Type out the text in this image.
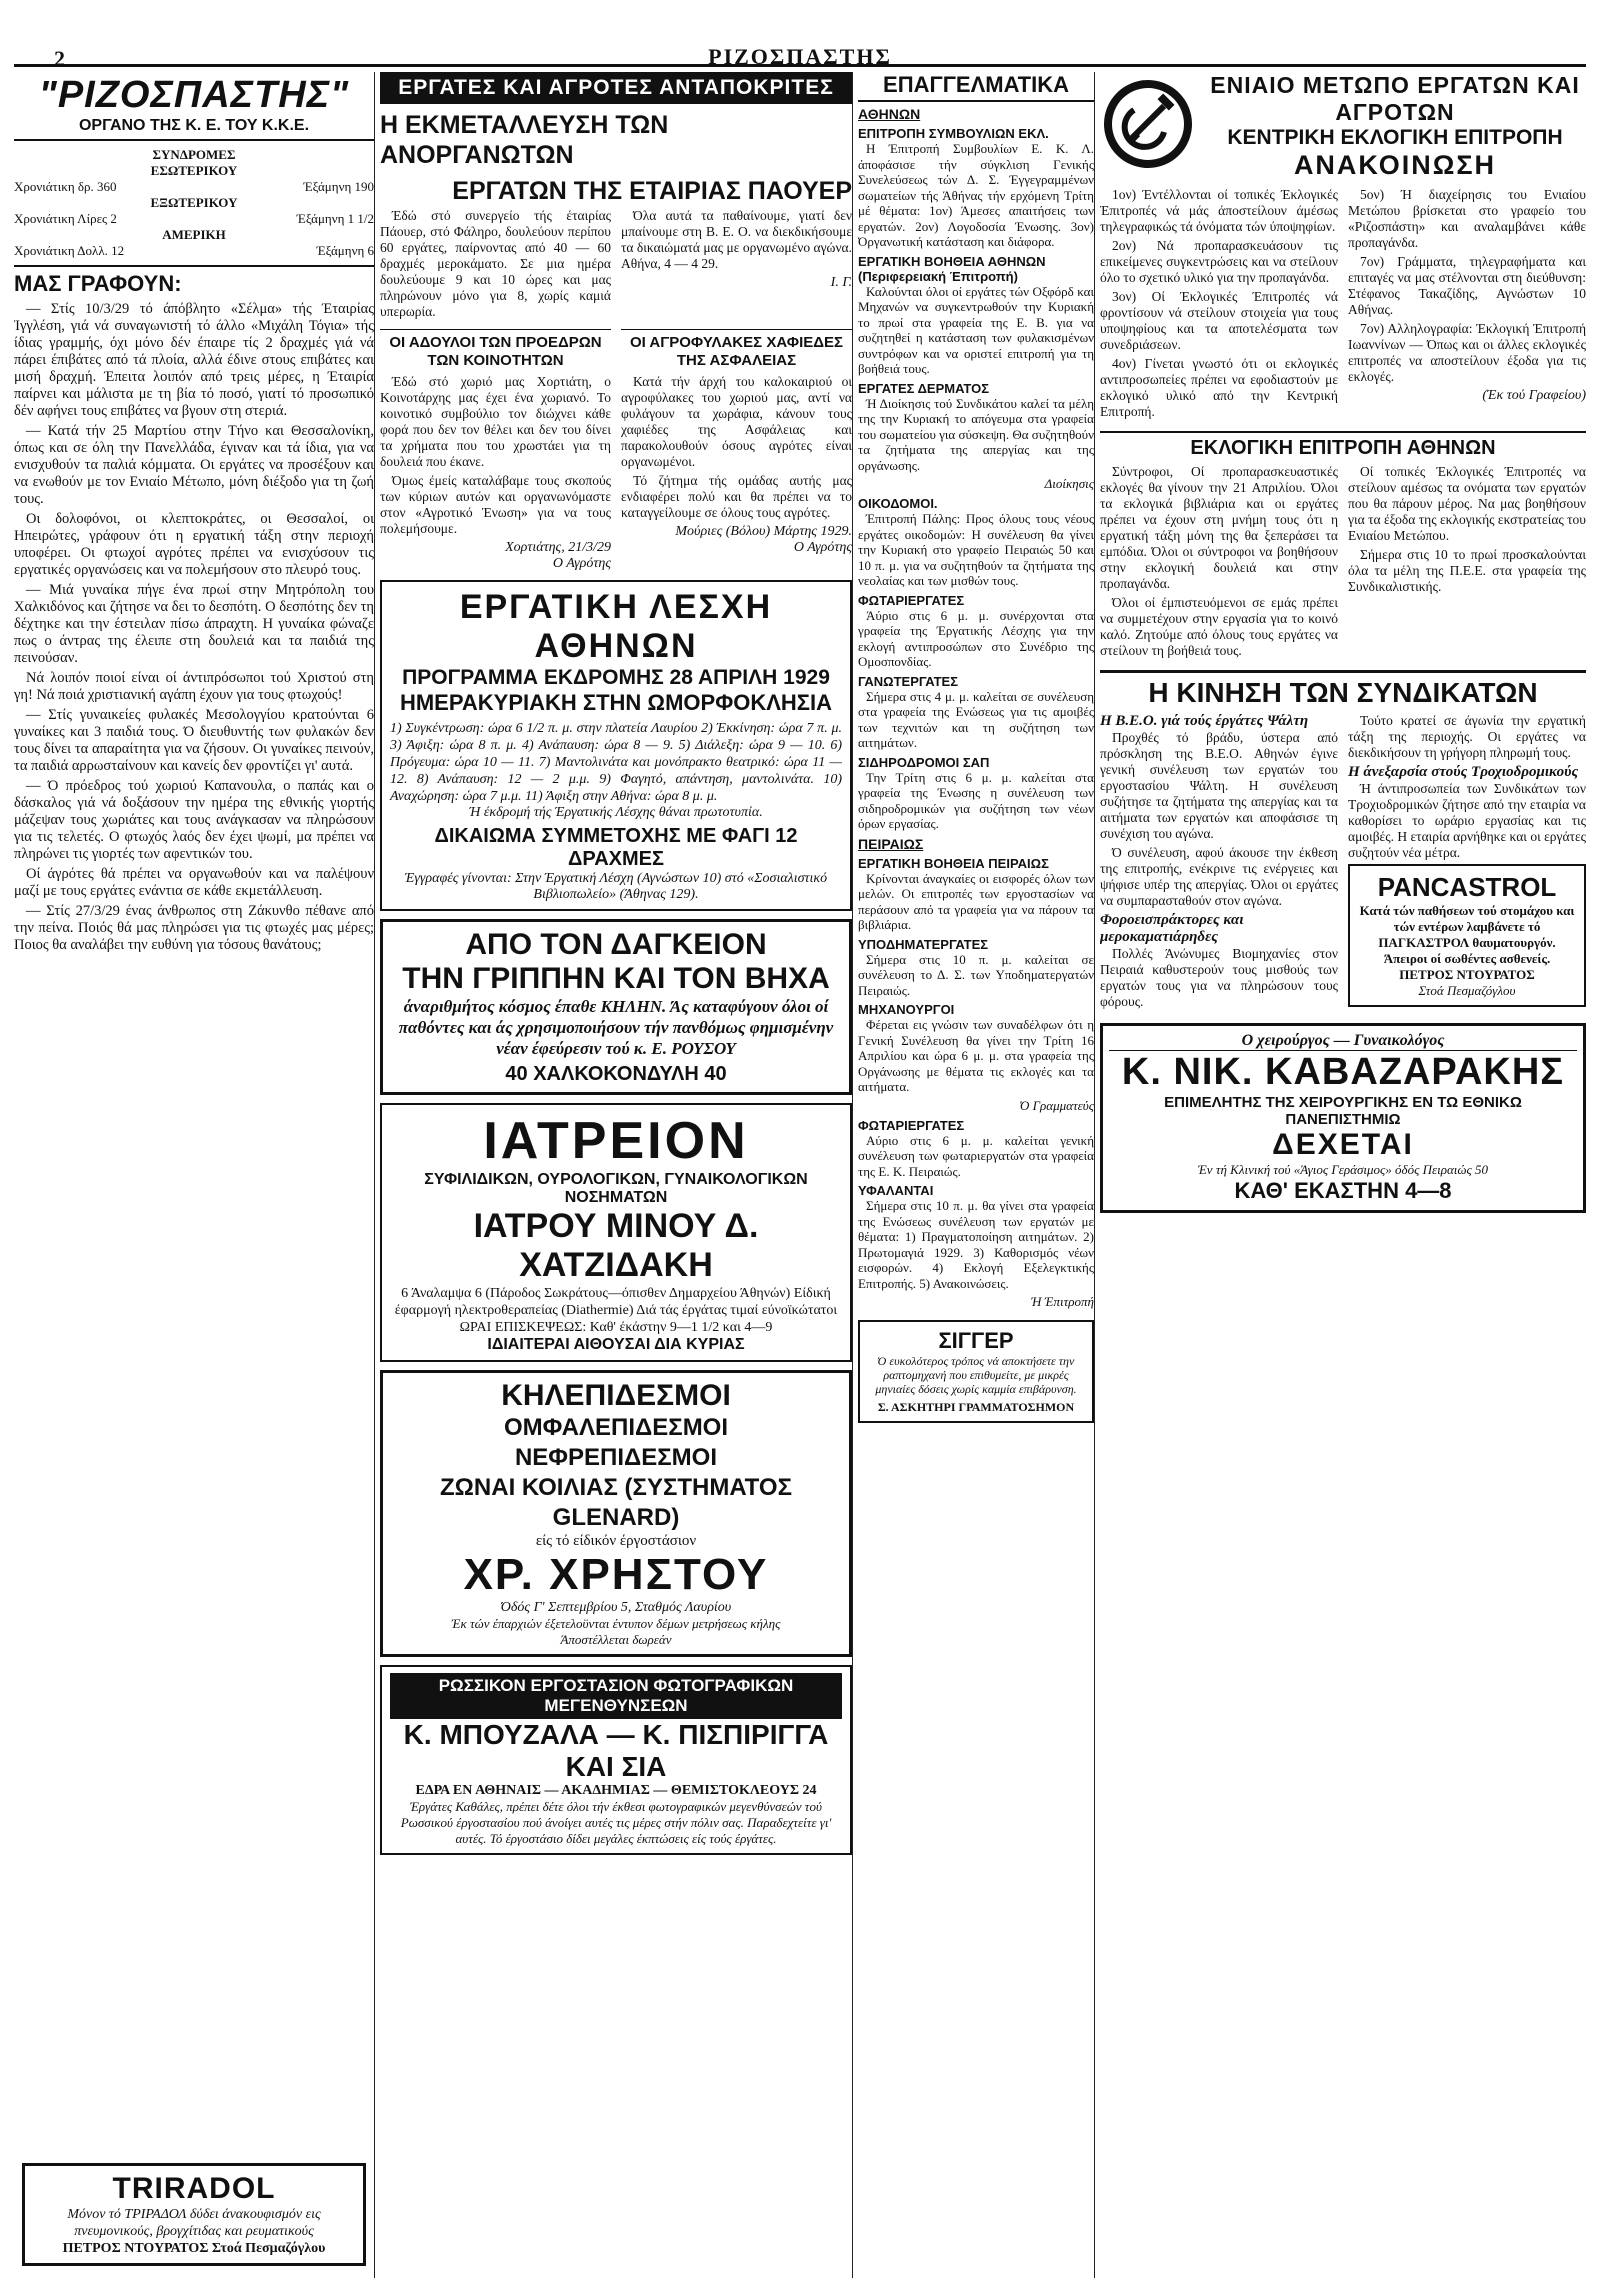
2	ΡΙΖΟΣΠΑΣΤΗΣ
"ΡΙΖΟΣΠΑΣΤΗΣ"
ΟΡΓΑΝΟ ΤΗΣ Κ. Ε. ΤΟΥ Κ.Κ.Ε.
ΣΥΝΔΡΟΜΕΣ
ΕΣΩΤΕΡΙΚΟΥ
Χρονιάτικη δρ. 360	Έξάμηνη 190
ΕΞΩΤΕΡΙΚΟΥ
Χρονιάτικη Λίρες 2	Έξάμηνη 1 1/2
ΑΜΕΡΙΚΗ
Χρονιάτικη Δολλ. 12	Έξάμηνη 6
ΜΑΣ ΓΡΑΦΟΥΝ:

— Στίς 10/3/29 τό άπόβλητο «Σέλμα» τής Έταιρίας Ίγγλέση, γιά νά συναγωνιστή τό άλλο «Μιχάλη Τόγια» τής ίδιας γραμμής, όχι μόνο δέν έπαιρε τίς 2 δραχμές γιά νά πάρει έπιβάτες από τά πλοία, αλλά έδινε στους επιβάτες και μισή δραχμή. Έπειτα λοιπόν από τρεις μέρες, η Έταιρία παίρνει και μάλιστα με τη βία τό ποσό, γιατί τό προσωπικό δέν αφήνει τους επιβάτες να βγουν στη στεριά.

— Κατά τήν 25 Μαρτίου στην Τήνο και Θεσσαλονίκη, όπως και σε όλη την Πανελλάδα, έγιναν και τά ίδια, για να ενισχυθούν τα παλιά κόμματα. Οι εργάτες να προσέξουν και να ενωθούν με τον Ενιαίο Μέτωπο, μόνη διέξοδο για τη ζωή τους.

Οι δολοφόνοι, οι κλεπτοκράτες, οι Θεσσαλοί, οι Ηπειρώτες, γράφουν ότι η εργατική τάξη στην περιοχή υποφέρει. Οι φτωχοί αγρότες πρέπει να ενισχύσουν τις εργατικές οργανώσεις και να πολεμήσουν στο πλευρό τους.

— Μιά γυναίκα πήγε ένα πρωί στην Μητρόπολη του Χαλκιδόνος και ζήτησε να δει το δεσπότη. Ο δεσπότης δεν τη δέχτηκε και την έστειλαν πίσω άπραχτη. Η γυναίκα φώναζε πως ο άντρας της έλειπε στη δουλειά και τα παιδιά της πεινούσαν.

Νά λοιπόν ποιοί είναι οί άντιπρόσωποι τού Χριστού στη γη! Νά ποιά χριστιανική αγάπη έχουν για τους φτωχούς!

— Στίς γυναικείες φυλακές Μεσολογγίου κρατούνται 6 γυναίκες και 3 παιδιά τους. Ό διευθυντής των φυλακών δεν τους δίνει τα απαραίτητα για να ζήσουν. Οι γυναίκες πεινούν, τα παιδιά αρρωσταίνουν και κανείς δεν φροντίζει γι' αυτά.

— Ό πρόεδρος τού χωριού Καπανουλα, ο παπάς και ο δάσκαλος γιά νά δοξάσουν την ημέρα της εθνικής γιορτής μάζεψαν τους χωριάτες και τους ανάγκασαν να πληρώσουν για τις τελετές. Ο φτωχός λαός δεν έχει ψωμί, μα πρέπει να πληρώνει τις γιορτές των αφεντικών του.

Οί άγρότες θά πρέπει να οργανωθούν και να παλέψουν μαζί με τους εργάτες ενάντια σε κάθε εκμετάλλευση.

— Στίς 27/3/29 ένας άνθρωπος στη Ζάκυνθο πέθανε από την πείνα. Ποιός θά μας πληρώσει για τις φτωχές μας μέρες; Ποιος θα αναλάβει την ευθύνη για τόσους θανάτους;

TRIRADOL
Μόνον τό ΤΡΙΡΑΔΟΛ δύδει άνακουφισμόν εις πνευμονικούς, βρογχίτιδας και ρευματικούς
ΠΕΤΡΟΣ ΝΤΟΥΡΑΤΟΣ Στοά Πεσμαζόγλου
ΕΡΓΑΤΕΣ ΚΑΙ ΑΓΡΟΤΕΣ ΑΝΤΑΠΟΚΡΙΤΕΣ
Η ΕΚΜΕΤΑΛΛΕΥΣΗ ΤΩΝ ΑΝΟΡΓΑΝΩΤΩΝ
ΕΡΓΑΤΩΝ ΤΗΣ ΕΤΑΙΡΙΑΣ ΠΑΟΥΕΡ

Έδώ στό συνεργείο τής έταιρίας Πάουερ, στό Φάληρο, δουλεύουν περίπου 60 εργάτες, παίρνοντας από 40 — 60 δραχμές μεροκάματο. Σε μια ημέρα δουλεύουμε 9 και 10 ώρες και μας πληρώνουν μόνο για 8, χωρίς καμιά υπερωρία.

Όλα αυτά τα παθαίνουμε, γιατί δεν μπαίνουμε στη Β. Ε. Ο. να διεκδικήσουμε τα δικαιώματά μας με οργανωμένο αγώνα. Αθήνα, 4 — 4 29.

Ι. Γ.
ΟΙ ΑΔΟΥΛΟΙ ΤΩΝ ΠΡΟΕΔΡΩΝ ΤΩΝ ΚΟΙΝΟΤΗΤΩΝ

Έδώ στό χωριό μας Χορτιάτη, ο Κοινοτάρχης μας έχει ένα χωριανό. Το κοινοτικό συμβούλιο τον διώχνει κάθε φορά που δεν τον θέλει και δεν του δίνει τα χρήματα που του χρωστάει για τη δουλειά που έκανε.

Όμως έμείς καταλάβαμε τους σκοπούς των κύριων αυτών και οργανωνόμαστε στον «Αγροτικό Ένωση» για να τους πολεμήσουμε.

Χορτιάτης, 21/3/29
Ο Αγρότης
ΟΙ ΑΓΡΟΦΥΛΑΚΕΣ ΧΑΦΙΕΔΕΣ ΤΗΣ ΑΣΦΑΛΕΙΑΣ

Κατά τήν άρχή του καλοκαιριού οι αγροφύλακες του χωριού μας, αντί να φυλάγουν τα χωράφια, κάνουν τους χαφιέδες της Ασφάλειας και παρακολουθούν όσους αγρότες είναι οργανωμένοι.

Τό ζήτημα τής ομάδας αυτής μας ενδιαφέρει πολύ και θα πρέπει να το καταγγείλουμε σε όλους τους αγρότες.

Μούριες (Βόλου) Μάρτης 1929.
Ο Αγρότης
ΕΡΓΑΤΙΚΗ ΛΕΣΧΗ ΑΘΗΝΩΝ
ΠΡΟΓΡΑΜΜΑ ΕΚΔΡΟΜΗΣ 28 ΑΠΡΙΛΗ 1929
ΗΜΕΡΑΚΥΡΙΑΚΗ ΣΤΗΝ ΩΜΟΡΦΟΚΛΗΣΙΑ
1) Συγκέντρωση: ώρα 6 1/2 π. μ. στην πλατεία Λαυρίου 2) Έκκίνηση: ώρα 7 π. μ. 3) Άφιξη: ώρα 8 π. μ. 4) Ανάπαυση: ώρα 8 — 9. 5) Διάλεξη: ώρα 9 — 10. 6) Πρόγευμα: ώρα 10 — 11. 7) Μαντολινάτα και μονόπρακτο θεατρικό: ώρα 11 — 12. 8) Ανάπαυση: 12 — 2 μ.μ. 9) Φαγητό, απάντηση, μαντολινάτα. 10) Αναχώρηση: ώρα 7 μ.μ. 11) Άφιξη στην Αθήνα: ώρα 8 μ. μ.
Ή έκδρομή τής Έργατικής Λέσχης θάναι πρωτοτυπία.
ΔΙΚΑΙΩΜΑ ΣΥΜΜΕΤΟΧΗΣ ΜΕ ΦΑΓΙ 12 ΔΡΑΧΜΕΣ
Έγγραφές γίνονται: Στην Έργατική Λέσχη (Αγνώστων 10) στό «Σοσιαλιστικό Βιβλιοπωλείο» (Άθηνας 129).
ΑΠΟ ΤΟΝ ΔΑΓΚΕΙΟΝ
ΤΗΝ ΓΡΙΠΠΗΝ ΚΑΙ ΤΟΝ ΒΗΧΑ
άναριθμήτος κόσμος έπαθε ΚΗΛΗΝ. Άς καταφύγουν όλοι οί παθόντες και άς χρησιμοποιήσουν τήν πανθόμως φημισμένην νέαν έφεύρεσιν τού κ. Ε. ΡΟΥΣΟΥ
40 ΧΑΛΚΟΚΟΝΔΥΛΗ 40
ΙΑΤΡΕΙΟΝ
ΣΥΦΙΛΙΔΙΚΩΝ, ΟΥΡΟΛΟΓΙΚΩΝ, ΓΥΝΑΙΚΟΛΟΓΙΚΩΝ ΝΟΣΗΜΑΤΩΝ
ΙΑΤΡΟΥ ΜΙΝΟΥ Δ. ΧΑΤΖΙΔΑΚΗ
6 Άναλαμψα 6 (Πάροδος Σωκράτους—όπισθεν Δημαρχείου Άθηνών) Είδική έφαρμογή ηλεκτροθεραπείας (Diathermie) Διά τάς έργάτας τιμαί εύνοϊκώτατοι ΩΡΑΙ ΕΠΙΣΚΕΨΕΩΣ: Καθ' έκάστην 9—1 1/2 και 4—9
ΙΔΙΑΙΤΕΡΑΙ ΑΙΘΟΥΣΑΙ ΔΙΑ ΚΥΡΙΑΣ
ΚΗΛΕΠΙΔΕΣΜΟΙ
ΟΜΦΑΛΕΠΙΔΕΣΜΟΙ
ΝΕΦΡΕΠΙΔΕΣΜΟΙ
ΖΩΝΑΙ ΚΟΙΛΙΑΣ (ΣΥΣΤΗΜΑΤΟΣ GLENARD)
είς τό είδικόν έργοστάσιον
ΧΡ. ΧΡΗΣΤΟΥ
Όδός Γ' Σεπτεμβρίου 5, Σταθμός Λαυρίου
Έκ τών έπαρχιών έξετελοϋνται έντυπον δέμων μετρήσεως κήλης
Άποστέλλεται δωρεάν
ΡΩΣΣΙΚΟΝ ΕΡΓΟΣΤΑΣΙΟΝ ΦΩΤΟΓΡΑΦΙΚΩΝ ΜΕΓΕΝΘΥΝΣΕΩΝ
Κ. ΜΠΟΥΖΑΛΑ — Κ. ΠΙΣΠΙΡΙΓΓΑ ΚΑΙ ΣΙΑ
ΕΔΡΑ ΕΝ ΑΘΗΝΑΙΣ — ΑΚΑΔΗΜΙΑΣ — ΘΕΜΙΣΤΟΚΛΕΟΥΣ 24
Έργάτες Καθάλες, πρέπει δέτε όλοι τήν έκθεσι φωτογραφικών μεγενθύνσεών τού Ρωσσικού έργοστασίου πού άνοίγει αυτές τις μέρες στήν πόλιν σας. Παραδεχτείτε γι' αυτές. Τό έργοστάσιο δίδει μεγάλες έκπτώσεις είς τούς έργάτες.
ΕΠΑΓΓΕΛΜΑΤΙΚΑ
ΑΘΗΝΩΝ
ΕΠΙΤΡΟΠΗ ΣΥΜΒΟΥΛΙΩΝ ΕΚΛ.

Η Έπιτροπή Συμβουλίων Ε. Κ. Λ. άποφάσισε τήν σύγκλιση Γενικής Συνελεύσεως τών Δ. Σ. Έγγεγραμμένων σωματείων τής Άθήνας τήν ερχόμενη Τρίτη μέ θέματα: 1ον) Άμεσες απαιτήσεις των εργατών. 2ον) Λογοδοσία Ένωσης. 3ον) Όργανωτική κατάσταση και διάφορα.

ΕΡΓΑΤΙΚΗ ΒΟΗΘΕΙΑ ΑΘΗΝΩΝ (Περιφερειακή Έπιτροπή)

Καλούνται όλοι οί εργάτες τών Οξφόρδ και Μηχανών να συγκεντρωθούν την Κυριακή το πρωί στα γραφεία της Ε. Β. για να συζητηθεί η κατάσταση των φυλακισμένων συντρόφων και να οριστεί επιτροπή για τη βοήθειά τους.

ΕΡΓΑΤΕΣ ΔΕΡΜΑΤΟΣ

Ή Διοίκησις τού Συνδικάτου καλεί τα μέλη της την Κυριακή το απόγευμα στα γραφεία του σωματείου για σύσκεψη. Θα συζητηθούν τα ζητήματα της απεργίας και της οργάνωσης.

Διοίκησις
ΟΙΚΟΔΟΜΟΙ.

Έπιτροπή Πάλης: Προς όλους τους νέους εργάτες οικοδομών: Η συνέλευση θα γίνει την Κυριακή στο γραφείο Πειραιώς 50 και 10 π. μ. για να συζητηθούν τα ζητήματα της νεολαίας και των μισθών τους.

ΦΩΤΑΡΙΕΡΓΑΤΕΣ

Άύριο στις 6 μ. μ. συνέρχονται στα γραφεία της Έργατικής Λέσχης για την εκλογή αντιπροσώπων στο Συνέδριο της Ομοσπονδίας.

ΓΑΝΩΤΕΡΓΑΤΕΣ

Σήμερα στις 4 μ. μ. καλείται σε συνέλευση στα γραφεία της Ενώσεως για τις αμοιβές των τεχνιτών και τη συζήτηση των αιτημάτων.

ΣΙΔΗΡΟΔΡΟΜΟΙ ΣΑΠ

Την Τρίτη στις 6 μ. μ. καλείται στα γραφεία της Ένωσης η συνέλευση των σιδηροδρομικών για συζήτηση των νέων όρων εργασίας.

ΠΕΙΡΑΙΩΣ
ΕΡΓΑΤΙΚΗ ΒΟΗΘΕΙΑ ΠΕΙΡΑΙΩΣ

Κρίνονται άναγκαίες οι εισφορές όλων των μελών. Οι επιτροπές των εργοστασίων να περάσουν από τα γραφεία για να πάρουν τα βιβλιάρια.

ΥΠΟΔΗΜΑΤΕΡΓΑΤΕΣ

Σήμερα στις 10 π. μ. καλείται σε συνέλευση το Δ. Σ. των Υποδηματεργατών Πειραιώς.

ΜΗΧΑΝΟΥΡΓΟΙ

Φέρεται εις γνώσιν των συναδέλφων ότι η Γενική Συνέλευση θα γίνει την Τρίτη 16 Απριλίου και ώρα 6 μ. μ. στα γραφεία της Οργάνωσης με θέματα τις εκλογές και τα αιτήματα.

Ό Γραμματεύς
ΦΩΤΑΡΙΕΡΓΑΤΕΣ

Αύριο στις 6 μ. μ. καλείται γενική συνέλευση των φωταριεργατών στα γραφεία της Ε. Κ. Πειραιώς.

ΥΦΑΛΑΝΤΑΙ

Σήμερα στις 10 π. μ. θα γίνει στα γραφεία της Ενώσεως συνέλευση των εργατών με θέματα: 1) Πραγματοποίηση αιτημάτων. 2) Πρωτομαγιά 1929. 3) Καθορισμός νέων εισφορών. 4) Εκλογή Εξελεγκτικής Επιτροπής. 5) Ανακοινώσεις.

Ή Έπιτροπή
ΣΙΓΓΕΡ
Ό ευκολότερος τρόπος νά αποκτήσετε την ραπτομηχανή που επιθυμείτε, με μικρές μηνιαίες δόσεις χωρίς καμμία επιβάρυνση.
Σ. ΑΣΚΗΤΗΡΙ ΓΡΑΜΜΑΤΟΣΗΜΟΝ
ΕΝΙΑΙΟ ΜΕΤΩΠΟ ΕΡΓΑΤΩΝ ΚΑΙ ΑΓΡΟΤΩΝ
ΚΕΝΤΡΙΚΗ ΕΚΛΟΓΙΚΗ ΕΠΙΤΡΟΠΗ
ΑΝΑΚΟΙΝΩΣΗ

1ον) Έντέλλονται οί τοπικές Έκλογικές Έπιτροπές νά μάς άποστείλουν άμέσως τηλεγραφικώς τά όνόματα τών ύποψηφίων.

2ον) Νά προπαρασκευάσουν τις επικείμενες συγκεντρώσεις και να στείλουν όλο το σχετικό υλικό για την προπαγάνδα.

3ον) Οί Έκλογικές Έπιτροπές νά φροντίσουν νά στείλουν στοιχεία για τους υποψηφίους και τα αποτελέσματα των συνεδριάσεων.

4ον) Γίνεται γνωστό ότι οι εκλογικές αντιπροσωπείες πρέπει να εφοδιαστούν με εκλογικό υλικό από την Κεντρική Επιτροπή.

5ον) Ή διαχείρησις του Ενιαίου Μετώπου βρίσκεται στο γραφείο του «Ριζοσπάστη» και αναλαμβάνει κάθε προπαγάνδα.

7ον) Γράμματα, τηλεγραφήματα και επιταγές να μας στέλνονται στη διεύθυνση: Στέφανος Τακαζίδης, Αγνώστων 10 Αθήνας.

7ον) Αλληλογραφία: Έκλογική Έπιτροπή Ιωαννίνων — Όπως και οι άλλες εκλογικές επιτροπές να αποστείλουν έξοδα για τις εκλογές.

(Έκ τού Γραφείου)
ΕΚΛΟΓΙΚΗ ΕΠΙΤΡΟΠΗ ΑΘΗΝΩΝ

Σύντροφοι, Οί προπαρασκευαστικές εκλογές θα γίνουν την 21 Απριλίου. Όλοι τα εκλογικά βιβλιάρια και οι εργάτες πρέπει να έχουν στη μνήμη τους ότι η εργατική τάξη μόνη της θα ξεπεράσει τα εμπόδια. Όλοι οι σύντροφοι να βοηθήσουν στην εκλογική δουλειά και στην προπαγάνδα.

Όλοι οί έμπιστευόμενοι σε εμάς πρέπει να συμμετέχουν στην εργασία για το κοινό καλό. Ζητούμε από όλους τους εργάτες να στείλουν τη βοήθειά τους.

Οί τοπικές Έκλογικές Έπιτροπές να στείλουν αμέσως τα ονόματα των εργατών που θα πάρουν μέρος. Να μας βοηθήσουν για τα έξοδα της εκλογικής εκστρατείας του Ενιαίου Μετώπου.

Σήμερα στις 10 το πρωί προσκαλούνται όλα τα μέλη της Π.Ε.Ε. στα γραφεία της Συνδικαλιστικής.

Η ΚΙΝΗΣΗ ΤΩΝ ΣΥΝΔΙΚΑΤΩΝ
Η Β.Ε.Ο. γιά τούς έργάτες Ψάλτη

Προχθές τό βράδυ, ύστερα από πρόσκληση της Β.Ε.Ο. Αθηνών έγινε γενική συνέλευση των εργατών του εργοστασίου Ψάλτη. Η συνέλευση συζήτησε τα ζητήματα της απεργίας και τα αιτήματα των εργατών και αποφάσισε τη συνέχιση του αγώνα.

Ό συνέλευση, αφού άκουσε την έκθεση της επιτροπής, ενέκρινε τις ενέργειες και ψήφισε υπέρ της απεργίας. Όλοι οι εργάτες να συμπαρασταθούν στον αγώνα.

Φοροεισπράκτορες και μεροκαματιάρηδες

Πολλές Άνώνυμες Βιομηχανίες στον Πειραιά καθυστερούν τους μισθούς των εργατών τους για να πληρώσουν τους φόρους.

Τούτο κρατεί σε άγωνία την εργατική τάξη της περιοχής. Οι εργάτες να διεκδικήσουν τη γρήγορη πληρωμή τους.

Η άνεξαρσία στούς Τροχιοδρομικούς

Ή άντιπροσωπεία των Συνδικάτων των Τροχιοδρομικών ζήτησε από την εταιρία να καθορίσει το ωράριο εργασίας και τις αμοιβές. Η εταιρία αρνήθηκε και οι εργάτες συζητούν νέα μέτρα.

PANCASTROL
Κατά τών παθήσεων τού στομάχου και τών εντέρων λαμβάνετε τό ΠΑΓΚΑΣΤΡΟΛ θαυματουργόν. Άπειροι οί σωθέντες ασθενείς.
ΠΕΤΡΟΣ ΝΤΟΥΡΑΤΟΣ
Στοά Πεσμαζόγλου
Ο χειρούργος — Γυναικολόγος
Κ. ΝΙΚ. ΚΑΒΑΖΑΡΑΚΗΣ
ΕΠΙΜΕΛΗΤΗΣ ΤΗΣ ΧΕΙΡΟΥΡΓΙΚΗΣ ΕΝ ΤΩ ΕΘΝΙΚΩ ΠΑΝΕΠΙΣΤΗΜΙΩ
ΔΕΧΕΤΑΙ
Έν τή Κλινική τού «Άγιος Γεράσιμος» όδός Πειραιώς 50
ΚΑΘ' ΕΚΑΣΤΗΝ 4—8
